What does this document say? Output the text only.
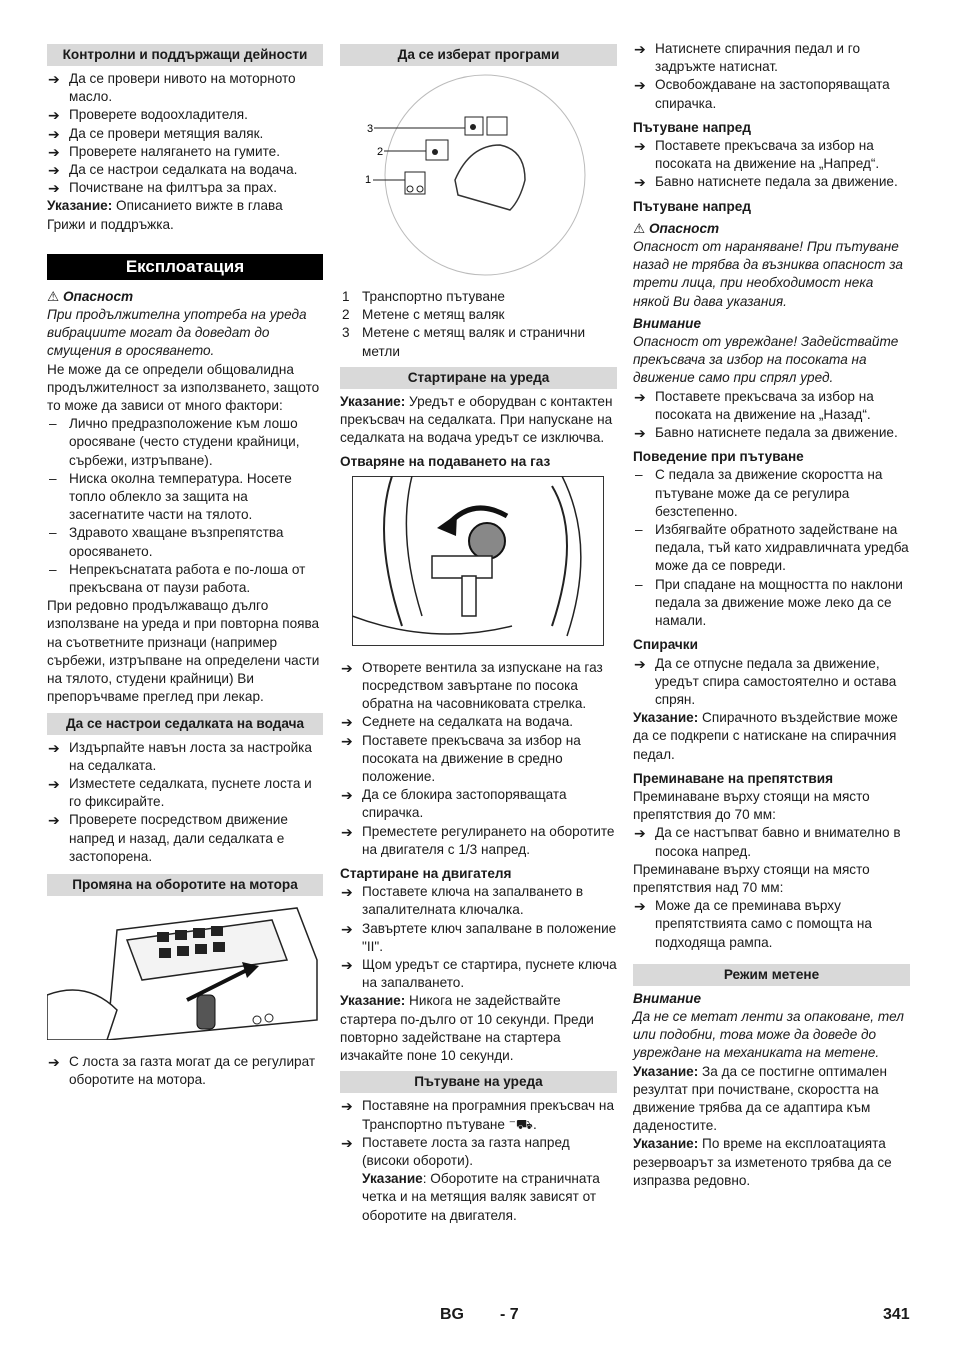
Контролни и поддържащи дейности
➔ Да се провери нивото на моторното масло.
➔ Проверете водоохладителя.
➔ Да се провери метящия валяк.
➔ Проверете налягането на гумите.
➔ Да се настрои седалката на водача.
➔ Почистване на филтъра за прах.
Указание: Описанието вижте в глава Грижи и поддръжка.
Експлоатация
⚠ Опасност
При продължителна употреба на уреда вибрациите могат да доведат до смущения в оросяването.
Не може да се определи общовалидна продължителност за използването, защото то може да зависи от много фактори:
– Лично предразположение към лошо оросяване (често студени крайници, сърбежи, изтръпване).
– Ниска околна температура. Носете топло облекло за защита на засегнатите части на тялото.
– Здравото хващане възпрепятства оросяването.
– Непрекъснатата работа е по-лоша от прекъсвана от паузи работа.
При редовно продължаващо дълго използване на уреда и при повторна поява на съответните признаци (например сърбежи, изтръпване на определени части на тялото, студени крайници) Ви препоръчваме преглед при лекар.
Да се настрои седалката на водача
➔ Издърпайте навън лоста за настройка на седалката.
➔ Изместете седалката, пуснете лоста и го фиксирайте.
➔ Проверете посредством движение напред и назад, дали седалката е застопорена.
Промяна на оборотите на мотора
➔ С лоста за газта могат да се регулират оборотите на мотора.
Да се изберат програми
3
2
1
1 Транспортно пътуване
2 Метене с метящ валяк
3 Метене с метящ валяк и странични метли
Стартиране на уреда
Указание: Уредът е оборудван с контактен прекъсвач на седалката. При напускане на седалката на водача уредът се изключва.
Отваряне на подаването на газ
➔ Отворете вентила за изпускане на газ посредством завъртане по посока обратна на часовниковата стрелка.
➔ Седнете на седалката на водача.
➔ Поставете прекъсвача за избор на посоката на движение в средно положение.
➔ Да се блокира застопоряващата спирачка.
➔ Преместете регулирането на оборотите на двигателя с 1/3 напред.
Стартиране на двигателя
➔ Поставете ключа на запалването в запалителната ключалка.
➔ Завъртете ключ запалване в положение "II".
➔ Щом уредът се стартира, пуснете ключа на запалването.
Указание: Никога не задействайте стартера по-дълго от 10 секунди. Преди повторно задействане на стартера изчакайте поне 10 секунди.
Пътуване на уреда
➔ Поставяне на програмния прекъсвач на Транспортно пътуване ⁻⛟.
➔ Поставете лоста за газта напред (високи обороти).
Указание: Оборотите на страничната четка и на метящия валяк зависят от оборотите на двигателя.
➔ Натиснете спирачния педал и го задръжте натиснат.
➔ Освобождаване на застопоряващата спирачка.
Пътуване напред
➔ Поставете прекъсвача за избор на посоката на движение на „Напред“.
➔ Бавно натиснете педала за движение.
Пътуване напред
⚠ Опасност
Опасност от нараняване! При пътуване назад не трябва да възниква опасност за трети лица, при необходимост нека някой Ви дава указания.
Внимание
Опасност от увреждане! Задействайте прекъсвача за избор на посоката на движение само при спрял уред.
➔ Поставете прекъсвача за избор на посоката на движение на „Назад“.
➔ Бавно натиснете педала за движение.
Поведение при пътуване
– С педала за движение скоростта на пътуване може да се регулира безстепенно.
– Избягвайте обратното задействане на педала, тъй като хидравличната уредба може да се повреди.
– При спадане на мощността по наклони педала за движение може леко да се намали.
Спирачки
➔ Да се отпусне педала за движение, уредът спира самостоятелно и остава спрян.
Указание: Спирачното въздействие може да се подкрепи с натискане на спирачния педал.
Преминаване на препятствия
Преминаване върху стоящи на място препятствия до 70 мм:
➔ Да се настъпват бавно и внимателно в посока напред.
Преминаване върху стоящи на място препятствия над 70 мм:
➔ Може да се преминава върху препятствията само с помощта на подходяща рампа.
Режим метене
Внимание
Да не се метат ленти за опаковане, тел или подобни, това може да доведе до увреждане на механиката на метене.
Указание: За да се постигне оптимален резултат при почистване, скоростта на движение трябва да се адаптира към даденостите.
Указание: По време на експлоатацията резервоарът за изметеното трябва да се изпразва редовно.
BG - 7	341
